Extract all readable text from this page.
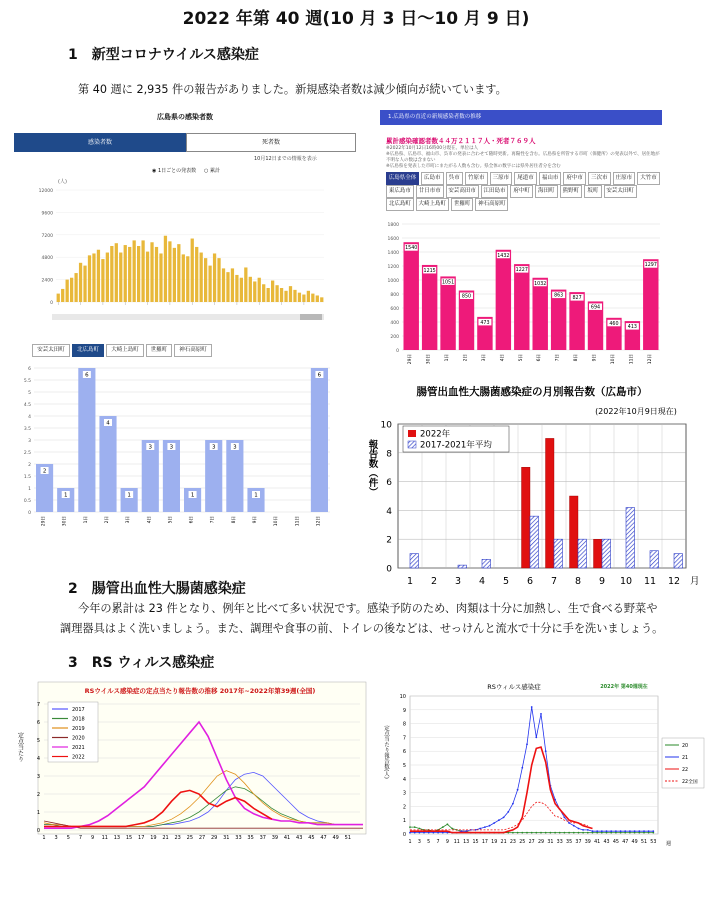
2022 年第 40 週(10 月 3 日～10 月 9 日)
1　新型コロナウイルス感染症
第 40 週に 2,935 件の報告がありました。新規感染者数は減少傾向が続いています。
広島県の感染者数
感染者数	死者数
10月12日までの情報を表示
◉ 1日ごとの発表数 ○ 累計
(人)
0
2400
4800
7200
9600
12000
安芸太田町	北広島町	大崎上島町	世羅町	神石高原町
0
0.5
1
1.5
2
2.5
3
3.5
4
4.5
5
5.5
6
2
29日
1
30日
6
1日
4
2日
1
3日
3
4日
3
5日
1
6日
3
7日
3
8日
1
9日	10日	11日
6
12日
1.広島県の直近の新規感染者数の推移
累計感染確認者数４４万２１１７人・死者７６９人
※2022年10月12日16時00分現在、単位は人
※広島県、広島市、福山市、呉市の発表に合わせて随時更新。再陽性を含む。広島県を所管する市町（保健所）の発表以外で、居住地が不明な人の数は含まない
※広島県を発表した市町にまたがる人数も含む。県全体の数字には県外居住者分を含む
広島県全体	広島市	呉市	竹原市	三原市	尾道市	福山市	府中市	三次市	庄原市	大竹市
東広島市	廿日市市	安芸高田市	江田島市	府中町	海田町	熊野町	坂町	安芸太田町
北広島町	大崎上島町	世羅町	神石高原町
0
200
400
600
800
1000
1200
1400
1600
1800
1540
29日
1215
30日
1051
1日
850
2日
473
3日
1432
4日
1227
5日
1032
6日
863
7日
827
8日
694
9日
460
10日
413
11日
1297
12日
腸管出血性大腸菌感染症の月別報告数（広島市）
(2022年10月9日現在)
0
2
4
6
8
10
1 2 3 4 5 6 7 8 9 10 11 12 月
報告数（件）
2022年
2017-2021年平均
2　腸管出血性大腸菌感染症
今年の累計は 23 件となり、例年と比べて多い状況です。感染予防のため、肉類は十分に加熱し、生で食べる野菜や
調理器具はよく洗いましょう。また、調理や食事の前、トイレの後などは、せっけんと流水で十分に手を洗いましょう。
3　RS ウィルス感染症
RSウイルス感染症の定点当たり報告数の推移 2017年~2022年第39週(全国)
0
1
2
3
4
5
6
7
1 3 5 7 9 11 13 15 17 19 21 23 25 27 29 31 33 35 37 39 41 43 45 47 49 51
定点当たり
2017
2018
2019
2020
2021
2022
RSウィルス感染症	2022年 第40週現在
0
1
2
3
4
5
6
7
8
9
10
1 3 5 7 9 11 13 15 17 19 21 23 25 27 29 31 33 35 37 39 41 43 45 47 49 51 53 週
定点当たり報告数(人)	20
21
22
22全国
